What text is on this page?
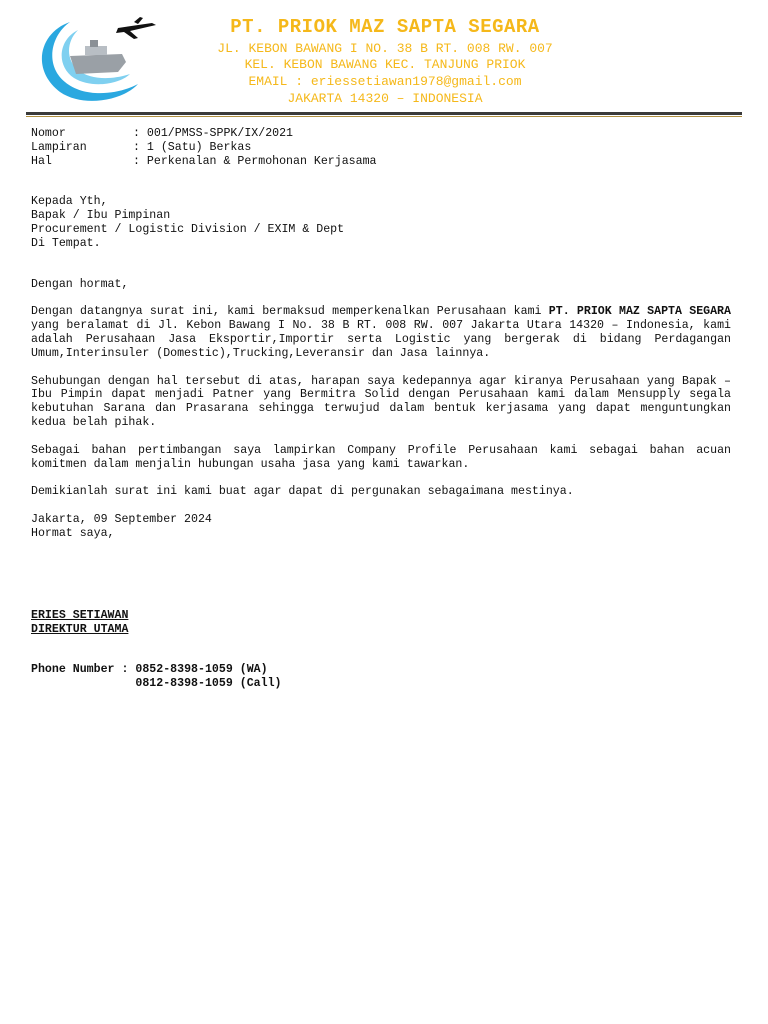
PT. PRIOK MAZ SAPTA SEGARA
JL. KEBON BAWANG I NO. 38 B RT. 008 RW. 007
KEL. KEBON BAWANG KEC. TANJUNG PRIOK
EMAIL : eriessetiawan1978@gmail.com
JAKARTA 14320 – INDONESIA
Nomor	: 001/PMSS-SPPK/IX/2021
Lampiran	: 1 (Satu) Berkas
Hal	: Perkenalan & Permohonan Kerjasama
Kepada Yth,
Bapak / Ibu Pimpinan
Procurement / Logistic Division / EXIM & Dept
Di Tempat.
Dengan hormat,
Dengan datangnya surat ini, kami bermaksud memperkenalkan Perusahaan kami PT. PRIOK MAZ SAPTA SEGARA yang beralamat di Jl. Kebon Bawang I No. 38 B RT. 008 RW. 007 Jakarta Utara 14320 – Indonesia, kami adalah Perusahaan Jasa Eksportir,Importir serta Logistic yang bergerak di bidang Perdagangan Umum,Interinsuler (Domestic),Trucking,Leveransir dan Jasa lainnya.
Sehubungan dengan hal tersebut di atas, harapan saya kedepannya agar kiranya Perusahaan yang Bapak – Ibu Pimpin dapat menjadi Patner yang Bermitra Solid dengan Perusahaan kami dalam Mensupply segala kebutuhan Sarana dan Prasarana sehingga terwujud dalam bentuk kerjasama yang dapat menguntungkan kedua belah pihak.
Sebagai bahan pertimbangan saya lampirkan Company Profile Perusahaan kami sebagai bahan acuan komitmen dalam menjalin hubungan usaha jasa yang kami tawarkan.
Demikianlah surat ini kami buat agar dapat di pergunakan sebagaimana mestinya.
Jakarta, 09 September 2024
Hormat saya,
ERIES SETIAWAN
DIREKTUR UTAMA
Phone Number : 0852-8398-1059 (WA)
0812-8398-1059 (Call)
